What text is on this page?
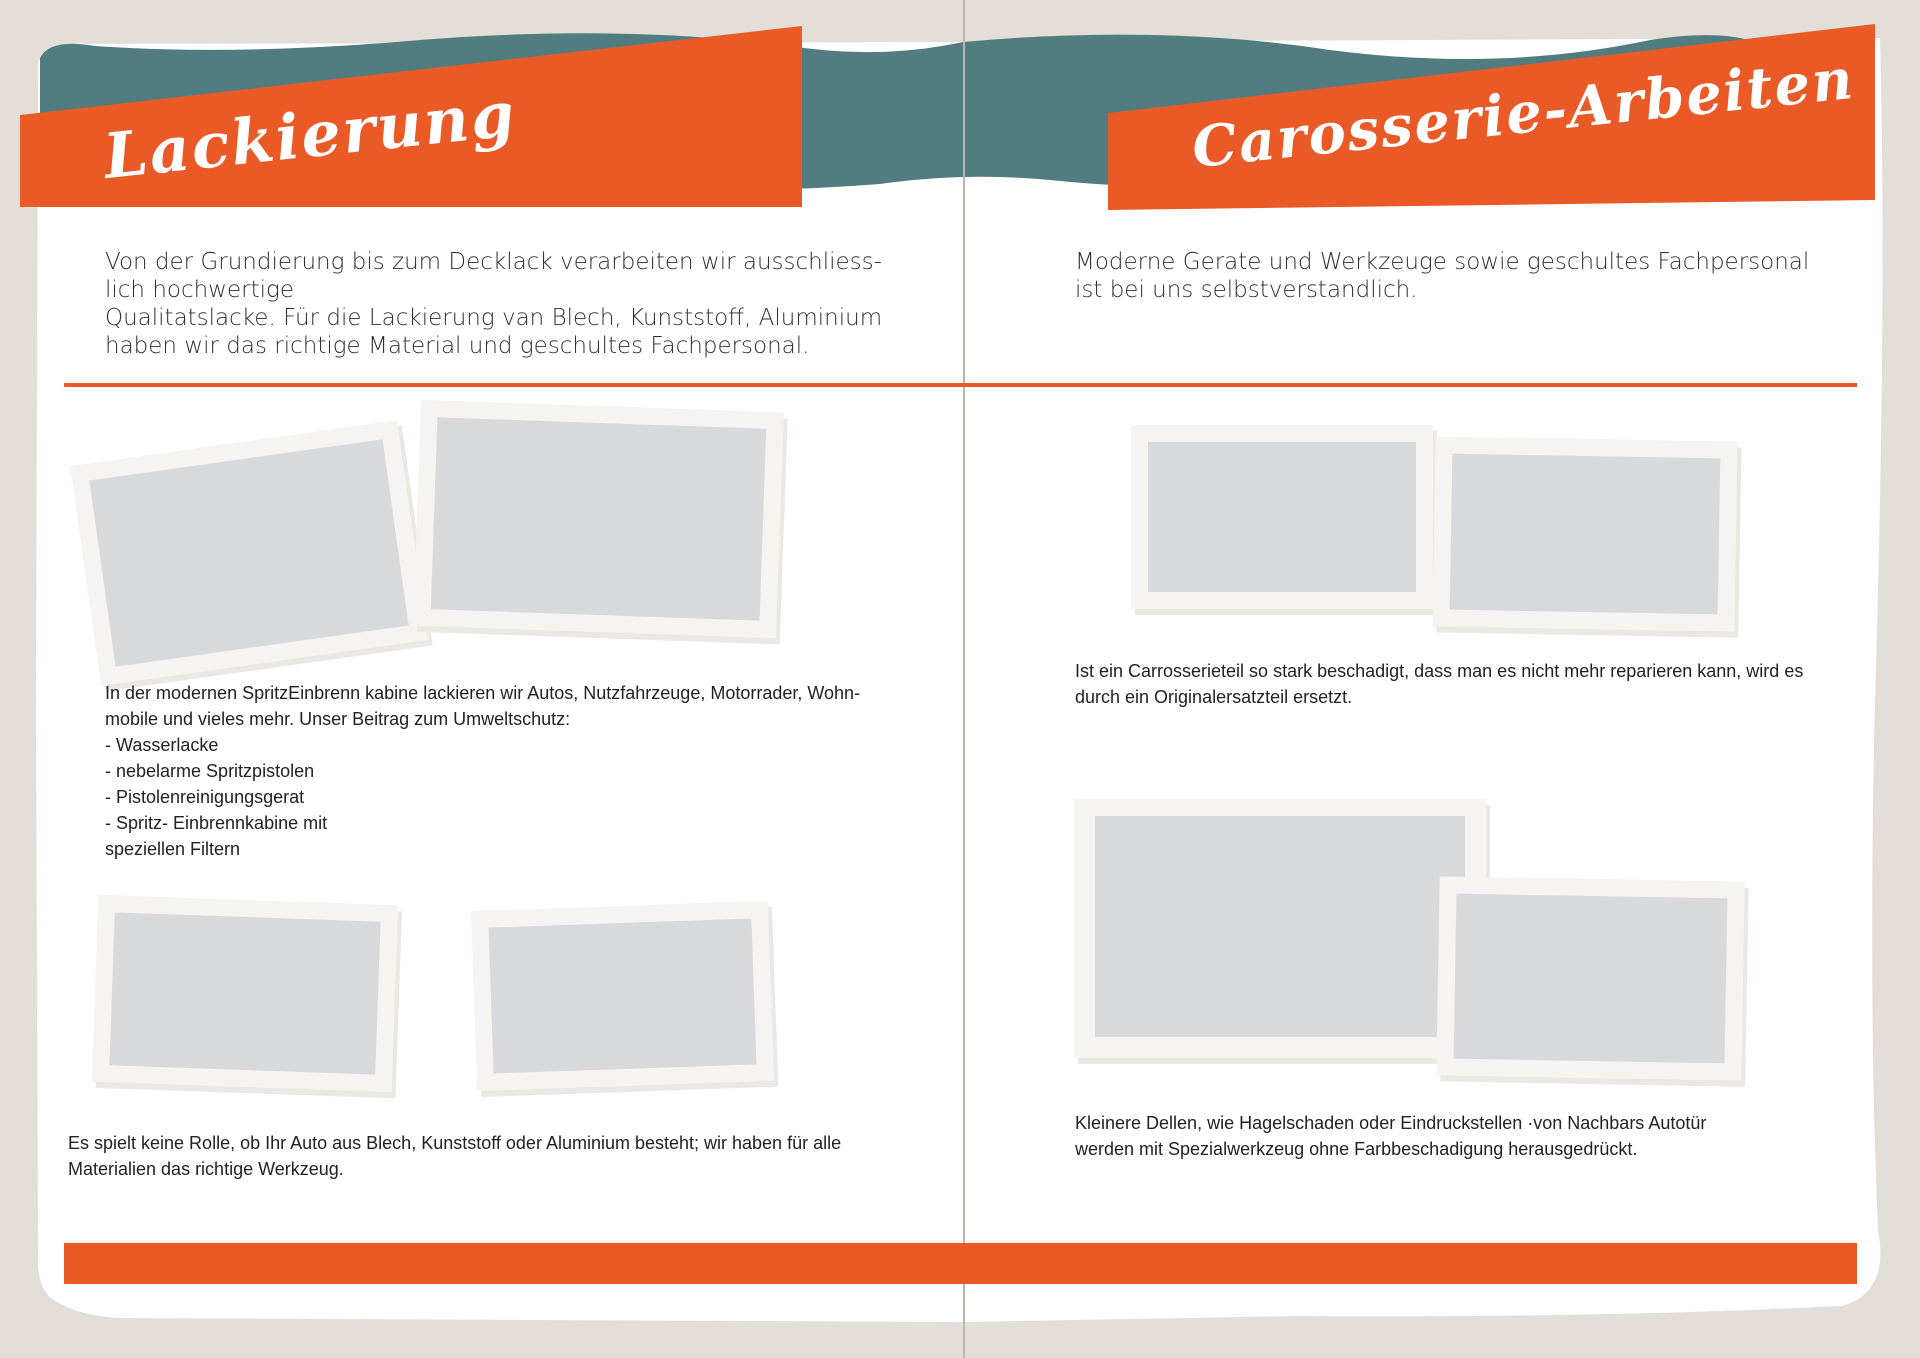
Lackierung	Carosserie-Arbeiten

Von der Grundierung bis zum Decklack verarbeiten wir ausschliess-
lich hochwertige
Qualitatslacke. Für die Lackierung van Blech, Kunststoff, Aluminium
haben wir das richtige Material und geschultes Fachpersonal.

Moderne Gerate und Werkzeuge sowie geschultes Fachpersonal
ist bei uns selbstverstandlich.

In der modernen SpritzEinbrenn kabine lackieren wir Autos, Nutzfahrzeuge, Motorrader, Wohn-
mobile und vieles mehr. Unser Beitrag zum Umweltschutz:
- Wasserlacke
- nebelarme Spritzpistolen
- Pistolenreinigungsgerat
- Spritz- Einbrennkabine mit
speziellen Filtern

Es spielt keine Rolle, ob Ihr Auto aus Blech, Kunststoff oder Aluminium besteht; wir haben für alle
Materialien das richtige Werkzeug.

Ist ein Carrosserieteil so stark beschadigt, dass man es nicht mehr reparieren kann, wird es
durch ein Originalersatzteil ersetzt.

Kleinere Dellen, wie Hagelschaden oder Eindruckstellen ·von Nachbars Autotür
werden mit Spezialwerkzeug ohne Farbbeschadigung herausgedrückt.
